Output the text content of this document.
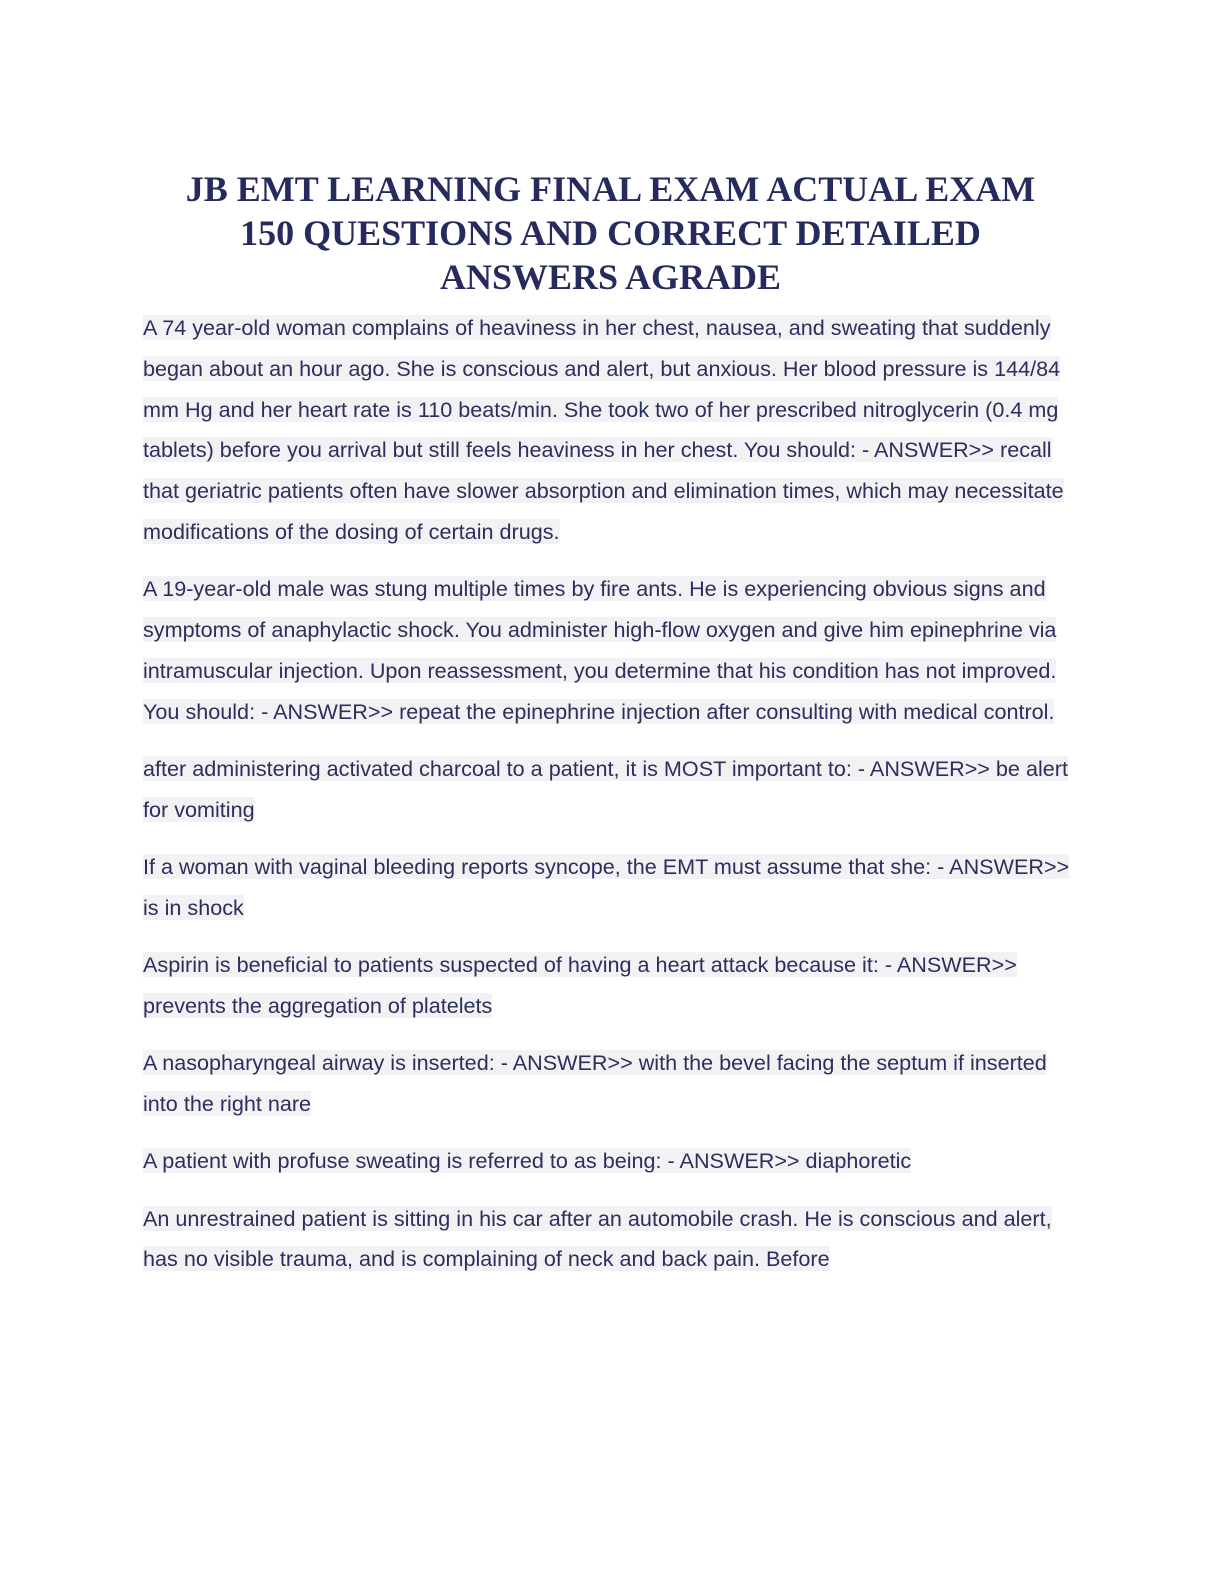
JB EMT LEARNING FINAL EXAM ACTUAL EXAM
150 QUESTIONS AND CORRECT DETAILED
ANSWERS AGRADE

A 74 year-old woman complains of heaviness in her chest, nausea, and sweating that suddenly began about an hour ago. She is conscious and alert, but anxious. Her blood pressure is 144/84 mm Hg and her heart rate is 110 beats/min. She took two of her prescribed nitroglycerin (0.4 mg tablets) before you arrival but still feels heaviness in her chest. You should: - ANSWER>> recall that geriatric patients often have slower absorption and elimination times, which may necessitate modifications of the dosing of certain drugs.

A 19-year-old male was stung multiple times by fire ants. He is experiencing obvious signs and symptoms of anaphylactic shock. You administer high-flow oxygen and give him epinephrine via intramuscular injection. Upon reassessment, you determine that his condition has not improved. You should: - ANSWER>> repeat the epinephrine injection after consulting with medical control.

after administering activated charcoal to a patient, it is MOST important to: - ANSWER>> be alert for vomiting

If a woman with vaginal bleeding reports syncope, the EMT must assume that she: - ANSWER>> is in shock

Aspirin is beneficial to patients suspected of having a heart attack because it: - ANSWER>> prevents the aggregation of platelets

A nasopharyngeal airway is inserted: - ANSWER>> with the bevel facing the septum if inserted into the right nare

A patient with profuse sweating is referred to as being: - ANSWER>> diaphoretic

An unrestrained patient is sitting in his car after an automobile crash. He is conscious and alert, has no visible trauma, and is complaining of neck and back pain. Before
